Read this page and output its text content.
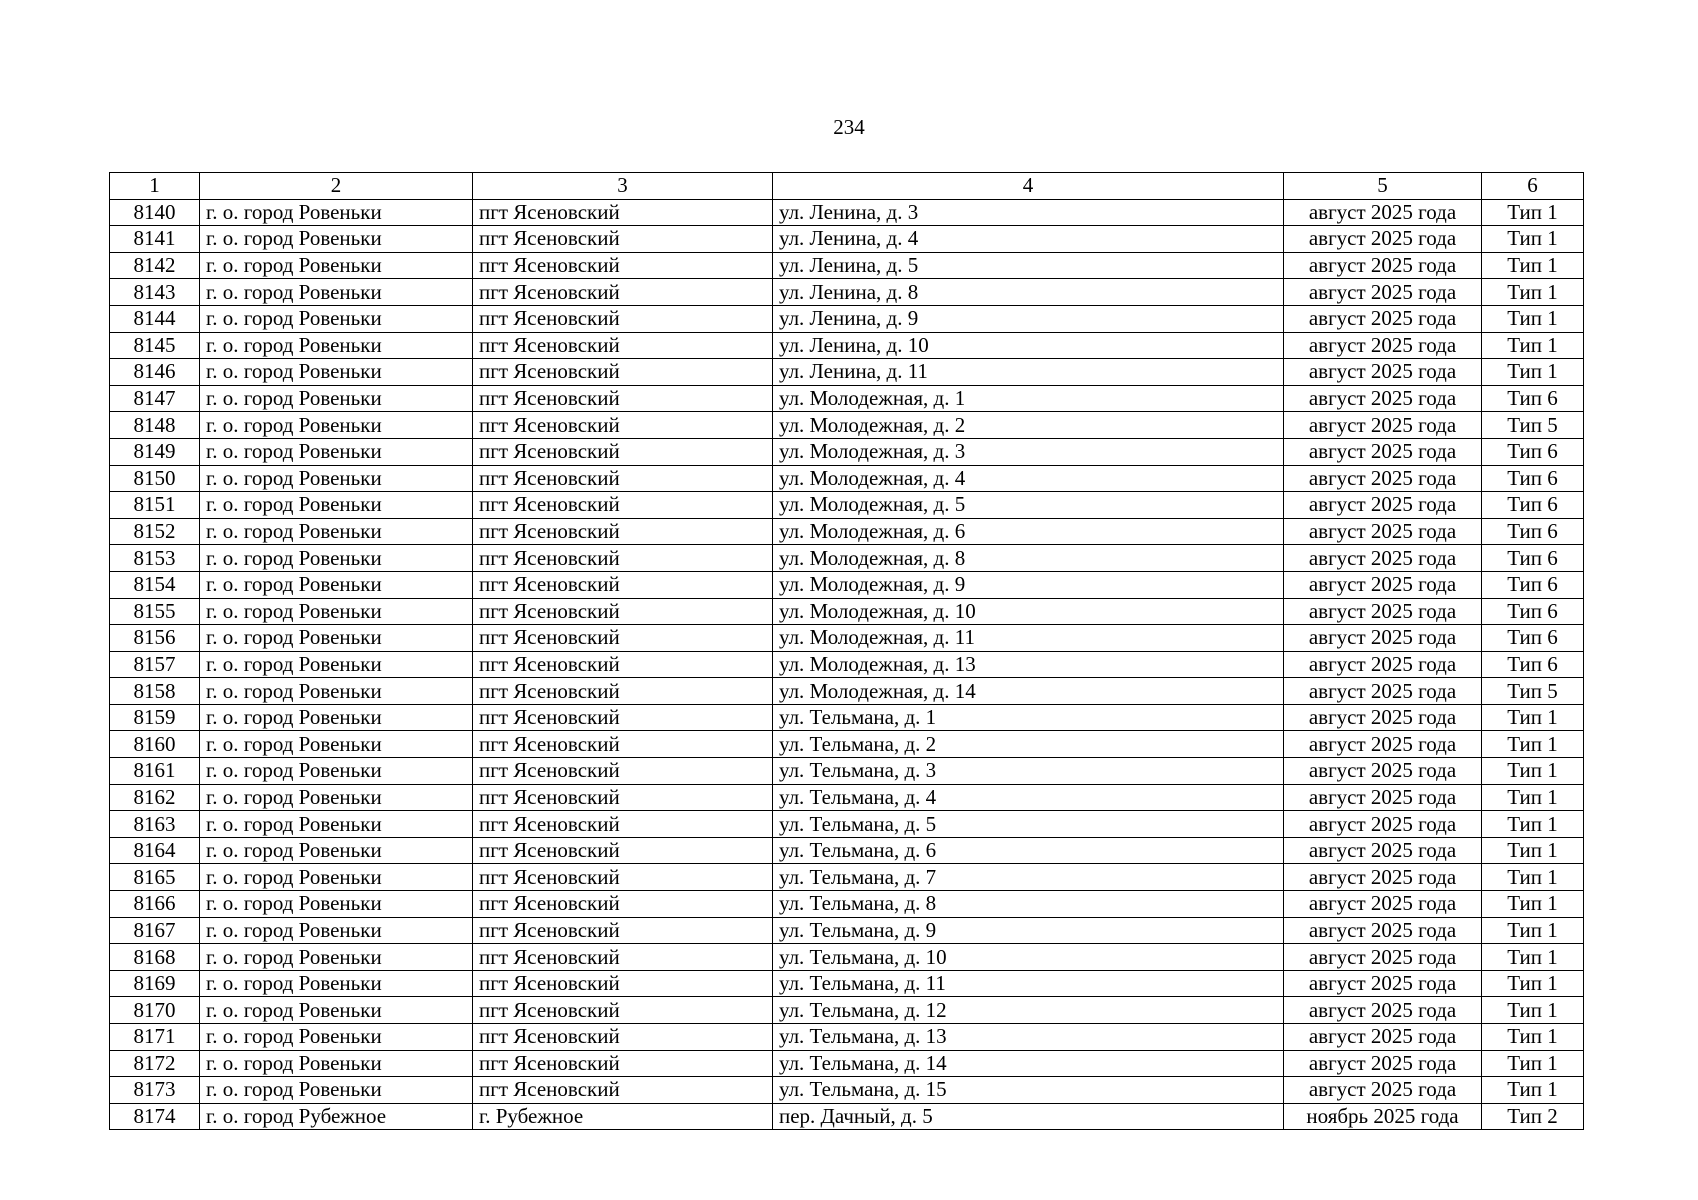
234
1	2	3	4	5	6
8140	г. о. город Ровеньки	пгт Ясеновский	ул. Ленина, д. 3	август 2025 года	Тип 1
8141	г. о. город Ровеньки	пгт Ясеновский	ул. Ленина, д. 4	август 2025 года	Тип 1
8142	г. о. город Ровеньки	пгт Ясеновский	ул. Ленина, д. 5	август 2025 года	Тип 1
8143	г. о. город Ровеньки	пгт Ясеновский	ул. Ленина, д. 8	август 2025 года	Тип 1
8144	г. о. город Ровеньки	пгт Ясеновский	ул. Ленина, д. 9	август 2025 года	Тип 1
8145	г. о. город Ровеньки	пгт Ясеновский	ул. Ленина, д. 10	август 2025 года	Тип 1
8146	г. о. город Ровеньки	пгт Ясеновский	ул. Ленина, д. 11	август 2025 года	Тип 1
8147	г. о. город Ровеньки	пгт Ясеновский	ул. Молодежная, д. 1	август 2025 года	Тип 6
8148	г. о. город Ровеньки	пгт Ясеновский	ул. Молодежная, д. 2	август 2025 года	Тип 5
8149	г. о. город Ровеньки	пгт Ясеновский	ул. Молодежная, д. 3	август 2025 года	Тип 6
8150	г. о. город Ровеньки	пгт Ясеновский	ул. Молодежная, д. 4	август 2025 года	Тип 6
8151	г. о. город Ровеньки	пгт Ясеновский	ул. Молодежная, д. 5	август 2025 года	Тип 6
8152	г. о. город Ровеньки	пгт Ясеновский	ул. Молодежная, д. 6	август 2025 года	Тип 6
8153	г. о. город Ровеньки	пгт Ясеновский	ул. Молодежная, д. 8	август 2025 года	Тип 6
8154	г. о. город Ровеньки	пгт Ясеновский	ул. Молодежная, д. 9	август 2025 года	Тип 6
8155	г. о. город Ровеньки	пгт Ясеновский	ул. Молодежная, д. 10	август 2025 года	Тип 6
8156	г. о. город Ровеньки	пгт Ясеновский	ул. Молодежная, д. 11	август 2025 года	Тип 6
8157	г. о. город Ровеньки	пгт Ясеновский	ул. Молодежная, д. 13	август 2025 года	Тип 6
8158	г. о. город Ровеньки	пгт Ясеновский	ул. Молодежная, д. 14	август 2025 года	Тип 5
8159	г. о. город Ровеньки	пгт Ясеновский	ул. Тельмана, д. 1	август 2025 года	Тип 1
8160	г. о. город Ровеньки	пгт Ясеновский	ул. Тельмана, д. 2	август 2025 года	Тип 1
8161	г. о. город Ровеньки	пгт Ясеновский	ул. Тельмана, д. 3	август 2025 года	Тип 1
8162	г. о. город Ровеньки	пгт Ясеновский	ул. Тельмана, д. 4	август 2025 года	Тип 1
8163	г. о. город Ровеньки	пгт Ясеновский	ул. Тельмана, д. 5	август 2025 года	Тип 1
8164	г. о. город Ровеньки	пгт Ясеновский	ул. Тельмана, д. 6	август 2025 года	Тип 1
8165	г. о. город Ровеньки	пгт Ясеновский	ул. Тельмана, д. 7	август 2025 года	Тип 1
8166	г. о. город Ровеньки	пгт Ясеновский	ул. Тельмана, д. 8	август 2025 года	Тип 1
8167	г. о. город Ровеньки	пгт Ясеновский	ул. Тельмана, д. 9	август 2025 года	Тип 1
8168	г. о. город Ровеньки	пгт Ясеновский	ул. Тельмана, д. 10	август 2025 года	Тип 1
8169	г. о. город Ровеньки	пгт Ясеновский	ул. Тельмана, д. 11	август 2025 года	Тип 1
8170	г. о. город Ровеньки	пгт Ясеновский	ул. Тельмана, д. 12	август 2025 года	Тип 1
8171	г. о. город Ровеньки	пгт Ясеновский	ул. Тельмана, д. 13	август 2025 года	Тип 1
8172	г. о. город Ровеньки	пгт Ясеновский	ул. Тельмана, д. 14	август 2025 года	Тип 1
8173	г. о. город Ровеньки	пгт Ясеновский	ул. Тельмана, д. 15	август 2025 года	Тип 1
8174	г. о. город Рубежное	г. Рубежное	пер. Дачный, д. 5	ноябрь 2025 года	Тип 2
